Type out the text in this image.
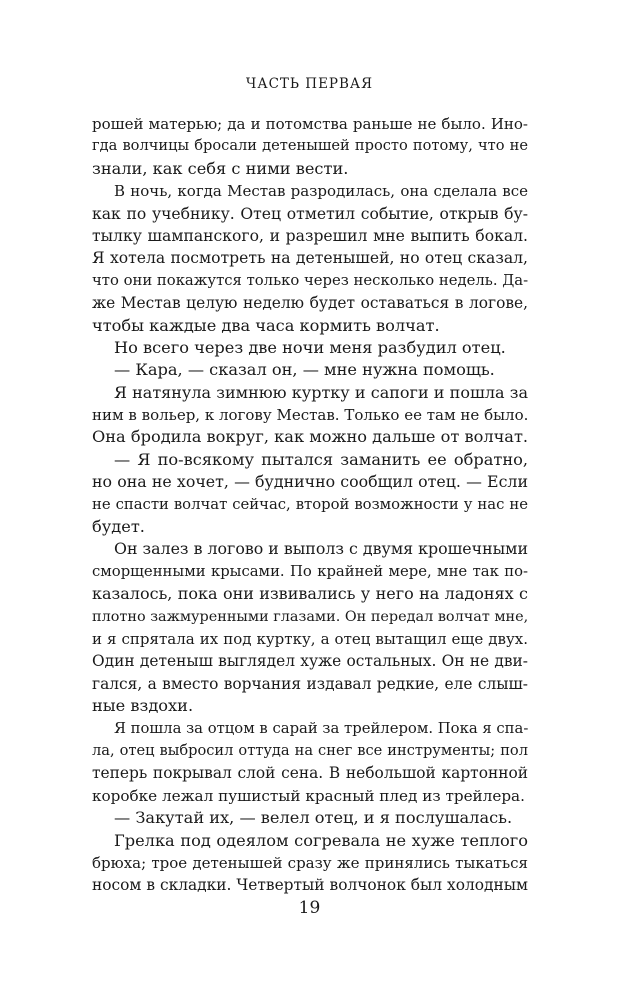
ЧАСТЬ ПЕРВАЯ
рошей матерью; да и потомства раньше не было. Ино-
гда волчицы бросали детенышей просто потому, что не
знали, как себя с ними вести.
В ночь, когда Местав разродилась, она сделала все
как по учебнику. Отец отметил событие, открыв бу-
тылку шампанского, и разрешил мне выпить бокал.
Я хотела посмотреть на детенышей, но отец сказал,
что они покажутся только через несколько недель. Да-
же Местав целую неделю будет оставаться в логове,
чтобы каждые два часа кормить волчат.
Но всего через две ночи меня разбудил отец.
— Кара, — сказал он, — мне нужна помощь.
Я натянула зимнюю куртку и сапоги и пошла за
ним в вольер, к логову Местав. Только ее там не было.
Она бродила вокруг, как можно дальше от волчат.
— Я по-всякому пытался заманить ее обратно,
но она не хочет, — буднично сообщил отец. — Если
не спасти волчат сейчас, второй возможности у нас не
будет.
Он залез в логово и выполз с двумя крошечными
сморщенными крысами. По крайней мере, мне так по-
казалось, пока они извивались у него на ладонях с
плотно зажмуренными глазами. Он передал волчат мне,
и я спрятала их под куртку, а отец вытащил еще двух.
Один детеныш выглядел хуже остальных. Он не дви-
гался, а вместо ворчания издавал редкие, еле слыш-
ные вздохи.
Я пошла за отцом в сарай за трейлером. Пока я спа-
ла, отец выбросил оттуда на снег все инструменты; пол
теперь покрывал слой сена. В небольшой картонной
коробке лежал пушистый красный плед из трейлера.
— Закутай их, — велел отец, и я послушалась.
Грелка под одеялом согревала не хуже теплого
брюха; трое детенышей сразу же принялись тыкаться
носом в складки. Четвертый волчонок был холодным
19
